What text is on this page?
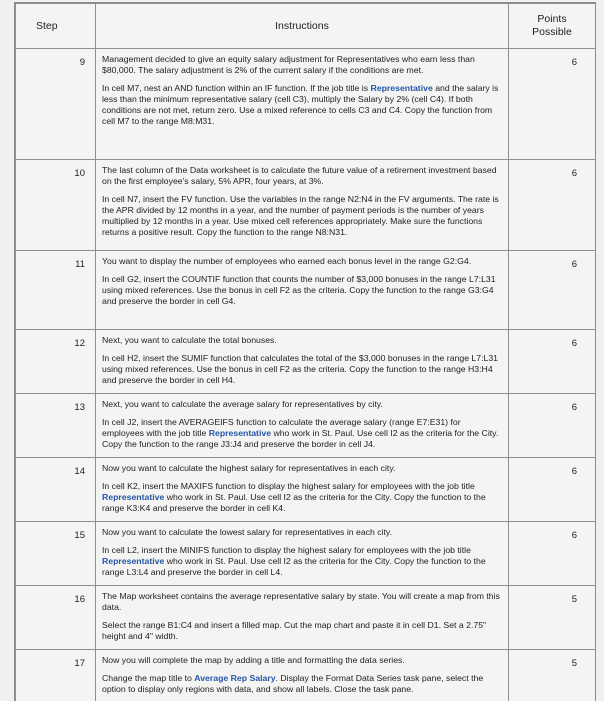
Step	Instructions	Points
Possible
9	Management decided to give an equity salary adjustment for Representatives who earn less than $80,000. The salary adjustment is 2% of the current salary if the conditions are met.

In cell M7, nest an AND function within an IF function. If the job title is Representative and the salary is less than the minimum representative salary (cell C3), multiply the Salary by 2% (cell C4). If both conditions are not met, return zero. Use a mixed reference to cells C3 and C4. Copy the function from cell M7 to the range M8:M31.	6
10	The last column of the Data worksheet is to calculate the future value of a retirement investment based on the first employee's salary, 5% APR, four years, at 3%.

In cell N7, insert the FV function. Use the variables in the range N2:N4 in the FV arguments. The rate is the APR divided by 12 months in a year, and the number of payment periods is the number of years multiplied by 12 months in a year. Use mixed cell references appropriately. Make sure the functions returns a positive result. Copy the function to the range N8:N31.	6
11	You want to display the number of employees who earned each bonus level in the range G2:G4.

In cell G2, insert the COUNTIF function that counts the number of $3,000 bonuses in the range L7:L31 using mixed references. Use the bonus in cell F2 as the criteria. Copy the function to the range G3:G4 and preserve the border in cell G4.	6
12	Next, you want to calculate the total bonuses.

In cell H2, insert the SUMIF function that calculates the total of the $3,000 bonuses in the range L7:L31 using mixed references. Use the bonus in cell F2 as the criteria. Copy the function to the range H3:H4 and preserve the border in cell H4.	6
13	Next, you want to calculate the average salary for representatives by city.

In cell J2, insert the AVERAGEIFS function to calculate the average salary (range E7:E31) for employees with the job title Representative who work in St. Paul. Use cell I2 as the criteria for the City. Copy the function to the range J3:J4 and preserve the border in cell J4.	6
14	Now you want to calculate the highest salary for representatives in each city.

In cell K2, insert the MAXIFS function to display the highest salary for employees with the job title Representative who work in St. Paul. Use cell I2 as the criteria for the City. Copy the function to the range K3:K4 and preserve the border in cell K4.	6
15	Now you want to calculate the lowest salary for representatives in each city.

In cell L2, insert the MINIFS function to display the highest salary for employees with the job title Representative who work in St. Paul. Use cell I2 as the criteria for the City. Copy the function to the range L3:L4 and preserve the border in cell L4.	6
16	The Map worksheet contains the average representative salary by state. You will create a map from this data.

Select the range B1:C4 and insert a filled map. Cut the map chart and paste it in cell D1. Set a 2.75" height and 4" width.	5
17	Now you will complete the map by adding a title and formatting the data series.

Change the map title to Average Rep Salary. Display the Format Data Series task pane, select the option to display only regions with data, and show all labels. Close the task pane.	5
